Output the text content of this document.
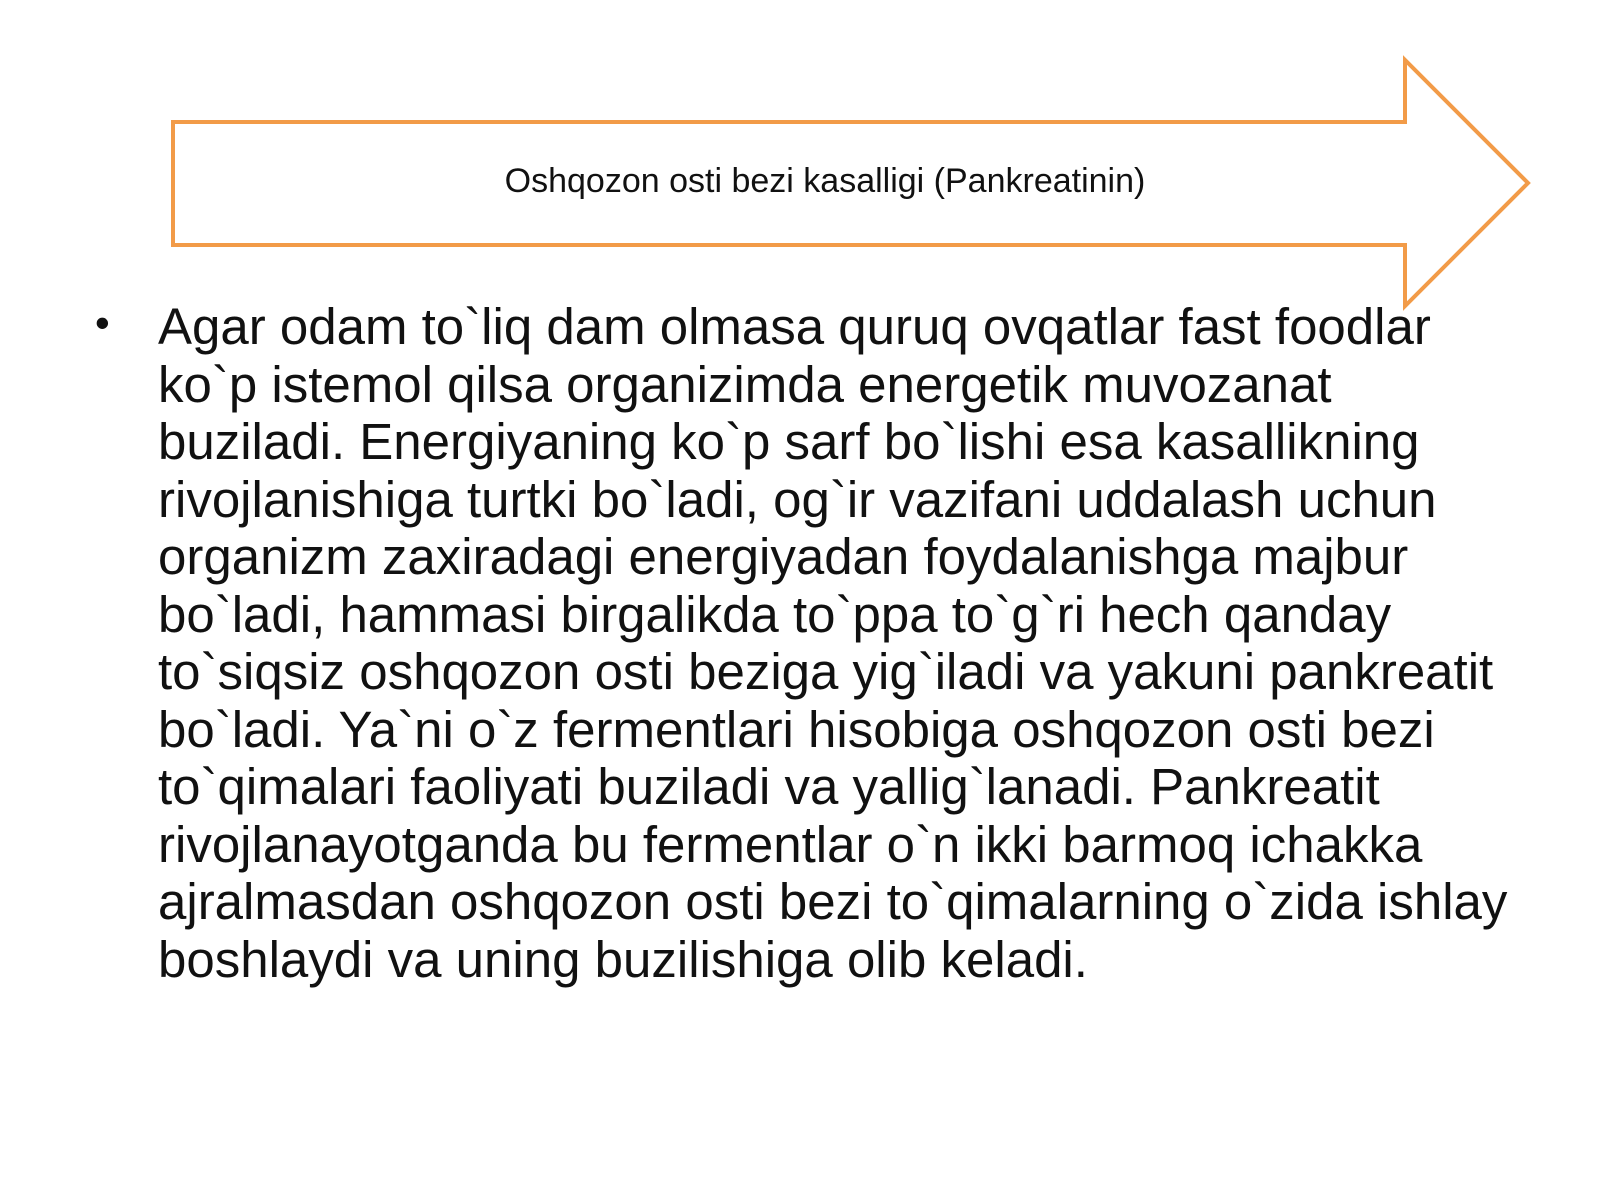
Oshqozon osti bezi kasalligi (Pankreatinin)
• Agar odam to`liq dam olmasa quruq ovqatlar fast foodlar ko`p istemol qilsa organizimda energetik muvozanat buziladi. Energiyaning ko`p sarf bo`lishi esa kasallikning rivojlanishiga turtki bo`ladi, og`ir vazifani uddalash uchun organizm zaxiradagi energiyadan foydalanishga majbur bo`ladi, hammasi birgalikda to`ppa to`g`ri hech qanday to`siqsiz oshqozon osti beziga yig`iladi va yakuni pankreatit bo`ladi. Ya`ni o`z fermentlari hisobiga oshqozon osti bezi to`qimalari faoliyati buziladi va yallig`lanadi. Pankreatit rivojlanayotganda bu fermentlar o`n ikki barmoq ichakka ajralmasdan oshqozon osti bezi to`qimalarning o`zida ishlay boshlaydi va uning buzilishiga olib keladi.
